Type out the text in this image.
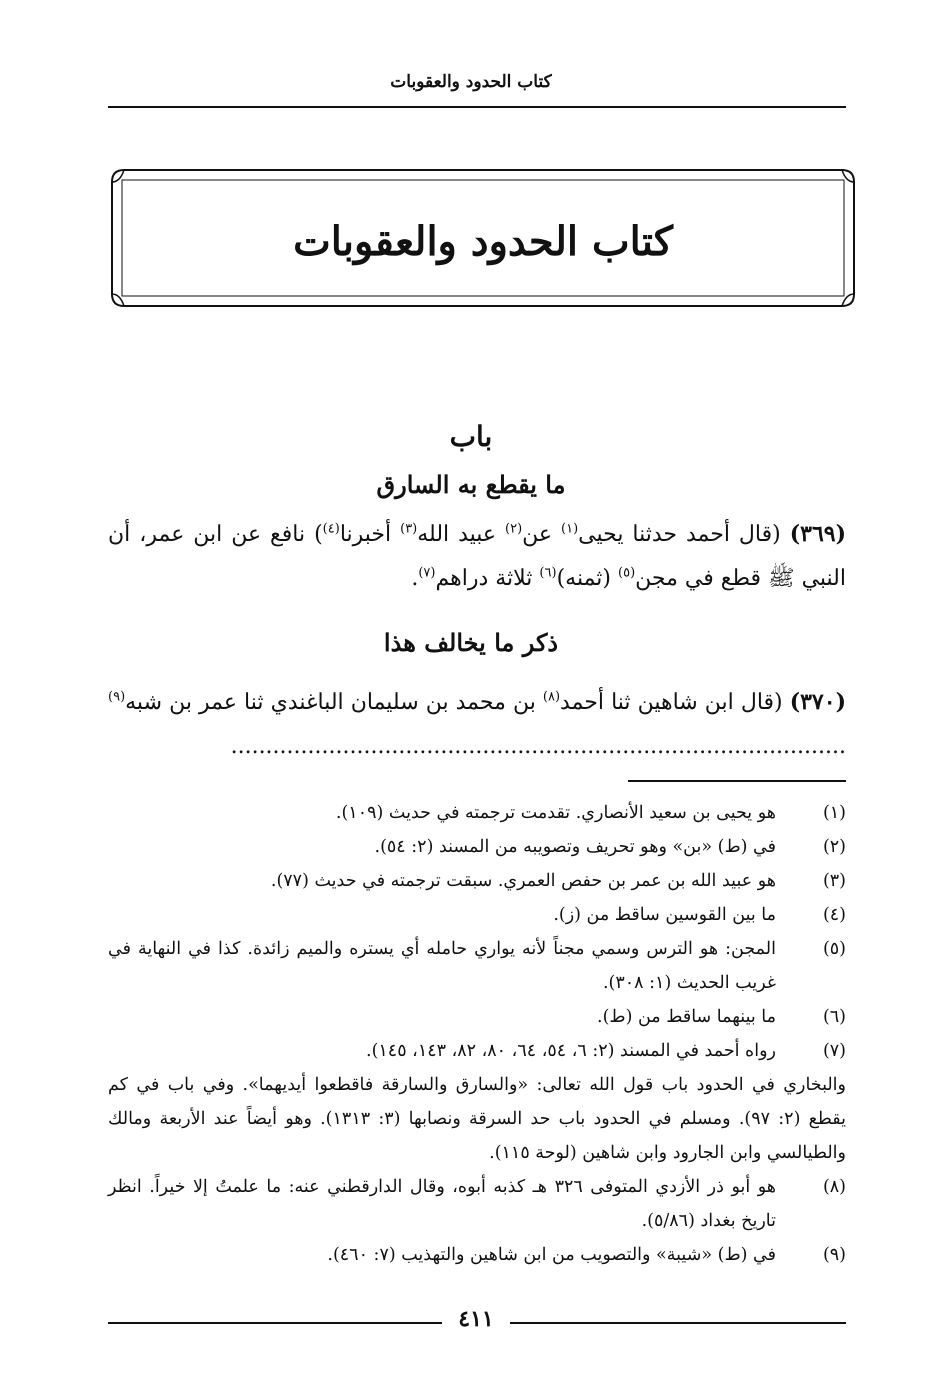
كتاب الحدود والعقوبات
كتاب الحدود والعقوبات
باب
ما يقطع به السارق
(٣٦٩) (قال أحمد حدثنا يحيى$^{(١)}$ عن$^{(٢)}$ عبيد الله$^{(٣)}$ أخبرنا$^{(٤)}$) نافع عن ابن عمر، أن النبي ﷺ قطع في مجن$^{(٥)}$ (ثمنه)$^{(٦)}$ ثلاثة دراهم$^{(٧)}$.
ذكر ما يخالف هذا
(٣٧٠) (قال ابن شاهين ثنا أحمد$^{(٨)}$ بن محمد بن سليمان الباغندي ثنا عمر بن شبه$^{(٩)}$ ........................................................................................
(١)
هو يحيى بن سعيد الأنصاري. تقدمت ترجمته في حديث (١٠٩).
(٢)
في (ط) «بن» وهو تحريف وتصويبه من المسند (٢: ٥٤).
(٣)
هو عبيد الله بن عمر بن حفص العمري. سبقت ترجمته في حديث (٧٧).
(٤)
ما بين القوسين ساقط من (ز).
(٥)
المجن: هو الترس وسمي مجناً لأنه يواري حامله أي يستره والميم زائدة. كذا في النهاية في غريب الحديث (١: ٣٠٨).
(٦)
ما بينهما ساقط من (ط).
(٧)
رواه أحمد في المسند (٢: ٦، ٥٤، ٦٤، ٨٠، ٨٢، ١٤٣، ١٤٥).
والبخاري في الحدود باب قول الله تعالى: «والسارق والسارقة فاقطعوا أيديهما». وفي باب في كم يقطع (٢: ٩٧). ومسلم في الحدود باب حد السرقة ونصابها (٣: ١٣١٣). وهو أيضاً عند الأربعة ومالك والطيالسي وابن الجارود وابن شاهين (لوحة ١١٥).
(٨)
هو أبو ذر الأزدي المتوفى ٣٢٦ هـ كذبه أبوه، وقال الدارقطني عنه: ما علمتُ إلا خيراً. انظر تاريخ بغداد (٥/٨٦).
(٩)
في (ط) «شيبة» والتصويب من ابن شاهين والتهذيب (٧: ٤٦٠).
٤١١
